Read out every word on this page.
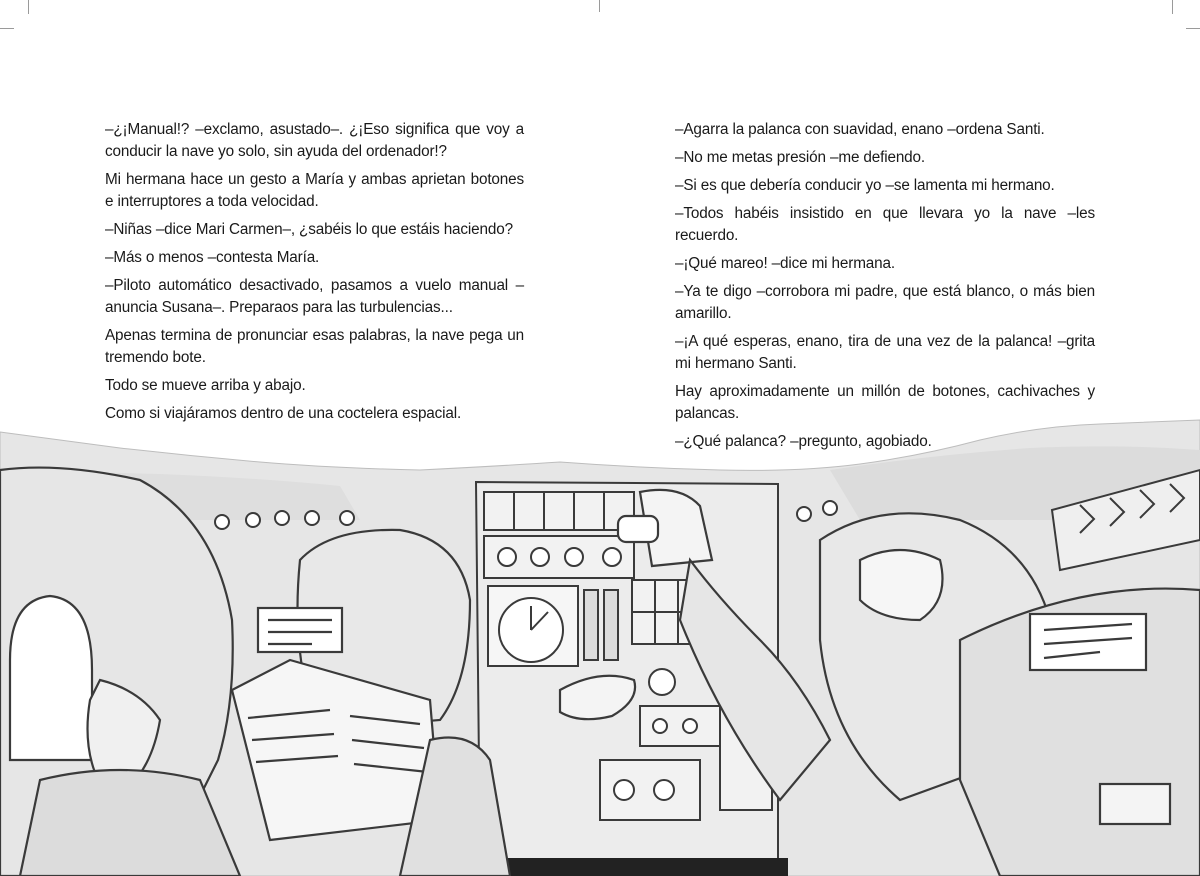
–¿¡Manual!? –exclamo, asustado–. ¿¡Eso significa que voy a conducir la nave yo solo, sin ayuda del ordenador!?

Mi hermana hace un gesto a María y ambas aprietan botones e interruptores a toda velocidad.

–Niñas –dice Mari Carmen–, ¿sabéis lo que estáis haciendo?

–Más o menos –contesta María.

–Piloto automático desactivado, pasamos a vuelo manual –anuncia Susana–. Preparaos para las turbulencias...

Apenas termina de pronunciar esas palabras, la nave pega un tremendo bote.

Todo se mueve arriba y abajo.

Como si viajáramos dentro de una coctelera espacial.

–Agarra la palanca con suavidad, enano –ordena Santi.

–No me metas presión –me defiendo.

–Si es que debería conducir yo –se lamenta mi hermano.

–Todos habéis insistido en que llevara yo la nave –les recuerdo.

–¡Qué mareo! –dice mi hermana.

–Ya te digo –corrobora mi padre, que está blanco, o más bien amarillo.

–¡A qué esperas, enano, tira de una vez de la palanca! –grita mi hermano Santi.

Hay aproximadamente un millón de botones, cachivaches y palancas.

–¿Qué palanca? –pregunto, agobiado.
